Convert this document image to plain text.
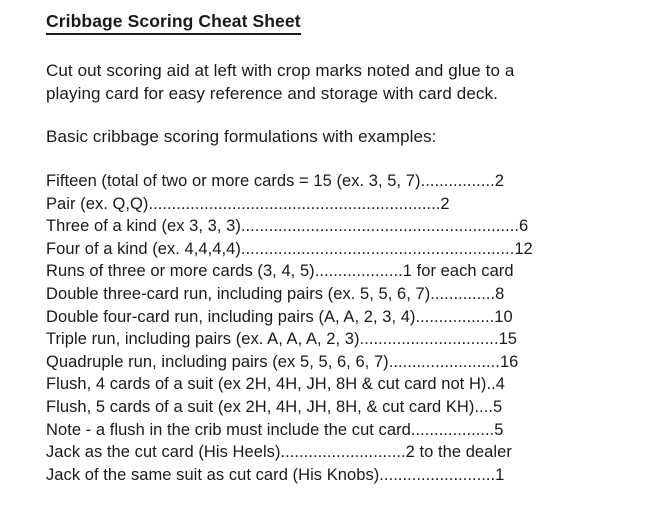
Cribbage Scoring Cheat Sheet

Cut out scoring aid at left with crop marks noted and glue to a
playing card for easy reference and storage with card deck.

Basic cribbage scoring formulations with examples:

Fifteen (total of two or more cards = 15 (ex. 3, 5, 7)................2
Pair (ex. Q,Q)...............................................................2
Three of a kind (ex 3, 3, 3)............................................................6
Four of a kind (ex. 4,4,4,4)...........................................................12
Runs of three or more cards (3, 4, 5)...................1 for each card
Double three-card run, including pairs (ex. 5, 5, 6, 7)..............8
Double four-card run, including pairs (A, A, 2, 3, 4).................10
Triple run, including pairs (ex. A, A, A, 2, 3)..............................15
Quadruple run, including pairs (ex 5, 5, 6, 6, 7)........................16
Flush, 4 cards of a suit (ex 2H, 4H, JH, 8H & cut card not H)..4
Flush, 5 cards of a suit (ex 2H, 4H, JH, 8H, & cut card KH)....5
Note - a flush in the crib must include the cut card..................5
Jack as the cut card (His Heels)...........................2 to the dealer
Jack of the same suit as cut card (His Knobs).........................1
